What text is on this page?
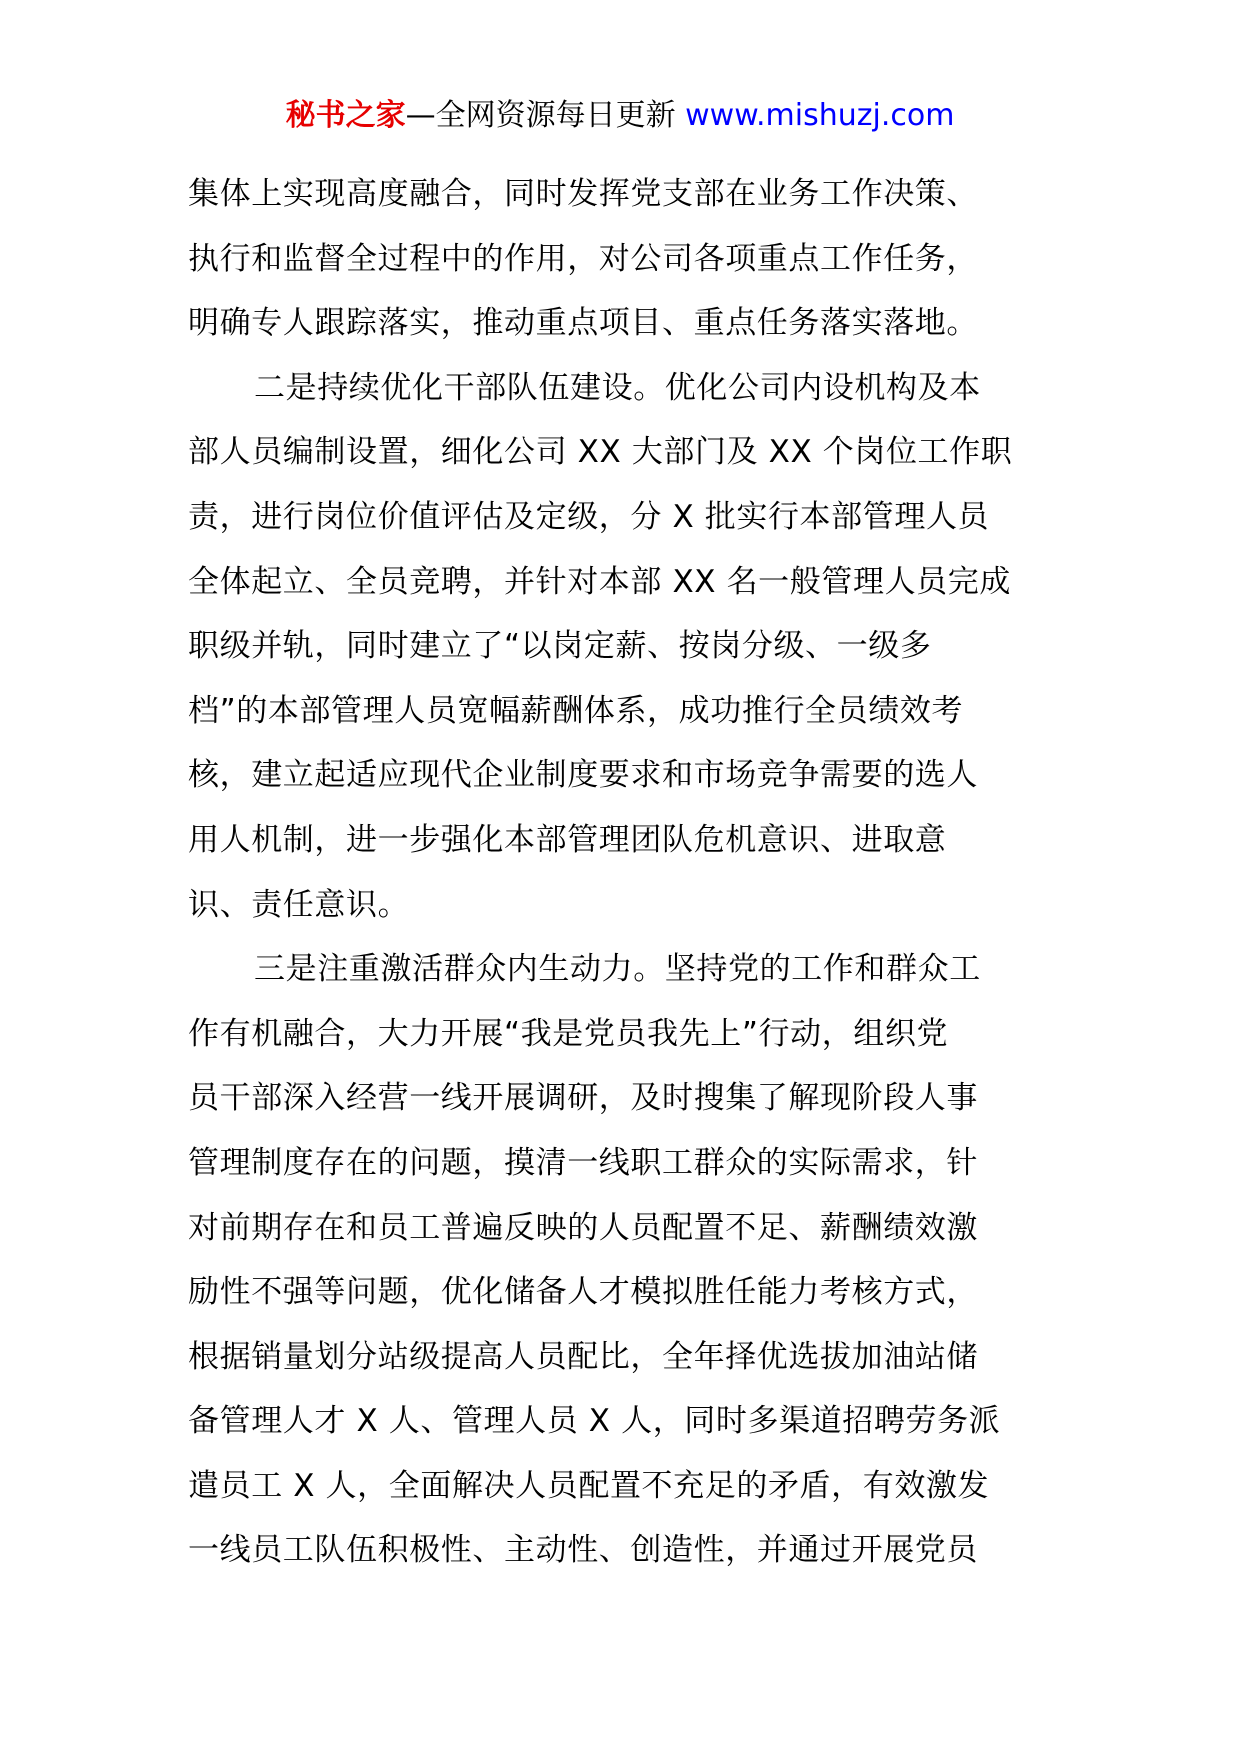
秘书之家—全网资源每日更新 www.mishuzj.com
集体上实现高度融合，同时发挥党支部在业务工作决策、
执行和监督全过程中的作用，对公司各项重点工作任务，
明确专人跟踪落实，推动重点项目、重点任务落实落地。
二是持续优化干部队伍建设。优化公司内设机构及本
部人员编制设置，细化公司 XX 大部门及 XX 个岗位工作职
责，进行岗位价值评估及定级，分 X 批实行本部管理人员
全体起立、全员竞聘，并针对本部 XX 名一般管理人员完成
职级并轨，同时建立了“以岗定薪、按岗分级、一级多
档”的本部管理人员宽幅薪酬体系，成功推行全员绩效考
核，建立起适应现代企业制度要求和市场竞争需要的选人
用人机制，进一步强化本部管理团队危机意识、进取意
识、责任意识。
三是注重激活群众内生动力。坚持党的工作和群众工
作有机融合，大力开展“我是党员我先上”行动，组织党
员干部深入经营一线开展调研，及时搜集了解现阶段人事
管理制度存在的问题，摸清一线职工群众的实际需求，针
对前期存在和员工普遍反映的人员配置不足、薪酬绩效激
励性不强等问题，优化储备人才模拟胜任能力考核方式，
根据销量划分站级提高人员配比，全年择优选拔加油站储
备管理人才 X 人、管理人员 X 人，同时多渠道招聘劳务派
遣员工 X 人，全面解决人员配置不充足的矛盾，有效激发
一线员工队伍积极性、主动性、创造性，并通过开展党员
